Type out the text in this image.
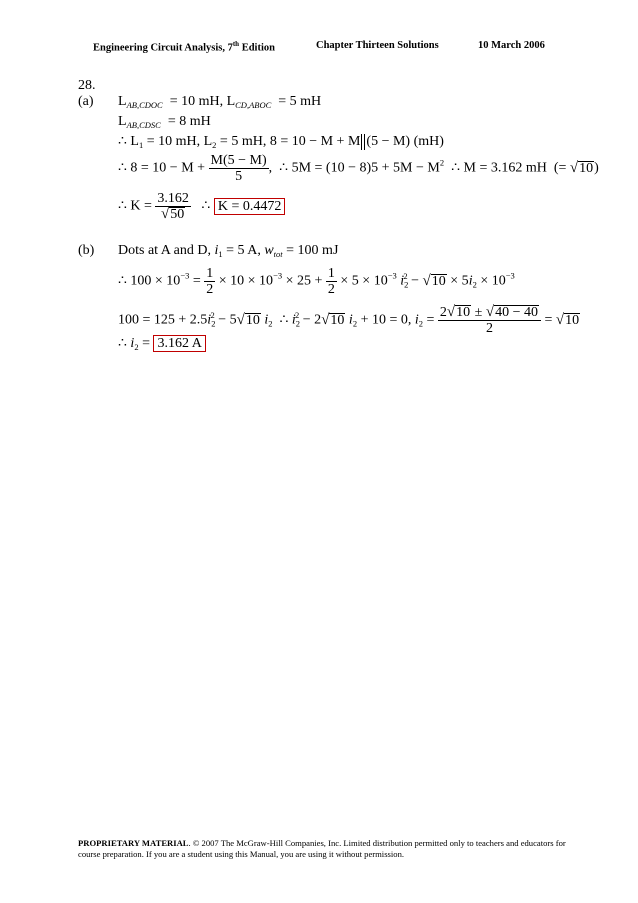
Engineering Circuit Analysis, 7th Edition	Chapter Thirteen Solutions	10 March 2006
28.
(a)
(b)
$L_{AB,CDOC} = 10$ mH, $L_{CD,ABOC} = 5$ mH
$L_{AB,CDSC} = 8$ mH
∴ $L_1 = 10$ mH, $L_2 = 5$ mH, 8 = 10 − M + M (5 − M) (mH)
∴ $8 = 10 - M + \frac{M(5 - M)}{5}$ ,  ∴ $5M = (10 - 8)5 + 5M - M^2$  ∴ M = 3.162 mH  (= √10)
∴ $K = \frac{3.162}{√50}$ ∴ K = 0.4472
Dots at A and D, $i_1 = 5$ A, $w_{tot} = 100$ mJ
∴ $100 \times 10^{-3} = \frac{1}{2} \times 10 \times 10^{-3} \times 25 + \frac{1}{2} \times 5 \times 10^{-3}$ $i_2^2 - √10 \times 5i_2 \times 10^{-3}$
$100 = 125 + 2.5i_2^2 - 5√10$ $i_2$  ∴ $i_2^2 - 2√10$ $i_2 + 10 = 0$, $i_2 = \frac{2√10 \pm √40 - 40}{2} = √10$
∴ $i_2 = 3.162$ A
PROPRIETARY MATERIAL. © 2007 The McGraw-Hill Companies, Inc. Limited distribution permitted only to teachers and educators for course preparation. If you are a student using this Manual, you are using it without permission.
